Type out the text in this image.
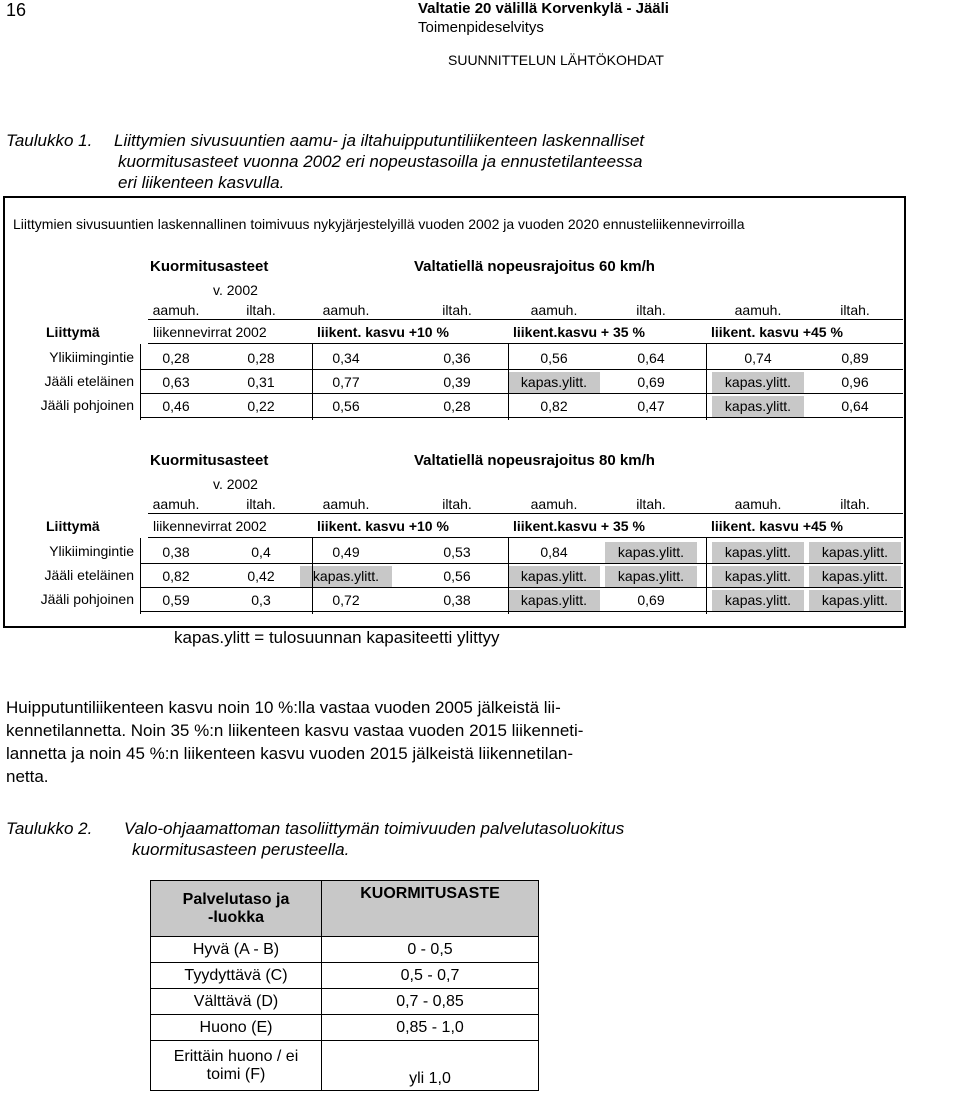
16	Valtatie 20 välillä Korvenkylä - Jääli
Toimenpideselvitys
SUUNNITTELUN LÄHTÖKOHDAT
Taulukko 1. Liittymien sivusuuntien aamu- ja iltahuipputuntiliikenteen laskennalliset
kuormitusasteet vuonna 2002 eri nopeustasoilla ja ennustetilanteessa
eri liikenteen kasvulla.
Liittymien sivusuuntien laskennallinen toimivuus nykyjärjestelyillä vuoden 2002 ja vuoden 2020 ennusteliikennevirroilla
Kuormitusasteet
v. 2002
Valtatiellä nopeusrajoitus 60 km/h
aamuh.	iltah.	aamuh.	iltah.	aamuh.	iltah.	aamuh.	iltah.
Liittymä	liikennevirrat 2002	liikent. kasvu +10 %	liikent.kasvu + 35 %	liikent. kasvu +45 %
Ylikiimingintie	0,28	0,28	0,34	0,36	0,56	0,64	0,74	0,89
Jääli eteläinen	0,63	0,31	0,77	0,39	kapas.ylitt.	0,69	kapas.ylitt.	0,96
Jääli pohjoinen	0,46	0,22	0,56	0,28	0,82	0,47	kapas.ylitt.	0,64
Kuormitusasteet
v. 2002
Valtatiellä nopeusrajoitus 80 km/h
aamuh.	iltah.	aamuh.	iltah.	aamuh.	iltah.	aamuh.	iltah.
Liittymä	liikennevirrat 2002	liikent. kasvu +10 %	liikent.kasvu + 35 %	liikent. kasvu +45 %
Ylikiimingintie	0,38	0,4	0,49	0,53	0,84	kapas.ylitt.	kapas.ylitt.	kapas.ylitt.
Jääli eteläinen	0,82	0,42	kapas.ylitt.	0,56	kapas.ylitt.	kapas.ylitt.	kapas.ylitt.	kapas.ylitt.
Jääli pohjoinen	0,59	0,3	0,72	0,38	kapas.ylitt.	0,69	kapas.ylitt.	kapas.ylitt.
kapas.ylitt = tulosuunnan kapasiteetti ylittyy
Huipputuntiliikenteen kasvu noin 10 %:lla vastaa vuoden 2005 jälkeistä lii-
kennetilannetta. Noin 35 %:n liikenteen kasvu vastaa vuoden 2015 liikenneti-
lannetta ja noin 45 %:n liikenteen kasvu vuoden 2015 jälkeistä liikennetilan-
netta.
Taulukko 2. Valo-ohjaamattoman tasoliittymän toimivuuden palvelutasoluokitus
kuormitusasteen perusteella.
Palvelutaso ja
-luokka	KUORMITUSASTE
Hyvä (A - B)	0 - 0,5
Tyydyttävä (C)	0,5 - 0,7
Välttävä (D)	0,7 - 0,85
Huono (E)	0,85 - 1,0

Erittäin huono / ei
toimi (F)	yli 1,0
